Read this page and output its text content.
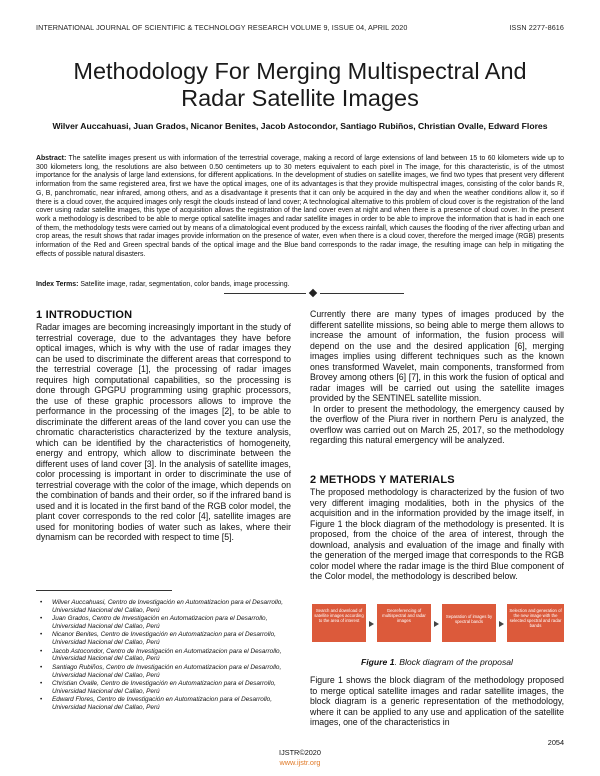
INTERNATIONAL JOURNAL OF SCIENTIFIC & TECHNOLOGY RESEARCH VOLUME 9, ISSUE 04, APRIL 2020	ISSN 2277-8616
Methodology For Merging Multispectral And
Radar Satellite Images
Wilver Auccahuasi, Juan Grados, Nicanor Benites, Jacob Astocondor, Santiago Rubiños, Christian Ovalle, Edward Flores
Abstract: The satellite images present us with information of the terrestrial coverage, making a record of large extensions of land between 15 to 60 kilometers wide up to 300 kilometers long, the resolutions are also between 0.50 centimeters up to 30 meters equivalent to each pixel in The image, for this characteristic, is of the utmost importance for the analysis of large land extensions, for different applications. In the development of studies on satellite images, we find two types that present very different information from the same registered area, first we have the optical images, one of its advantages is that they provide multispectral images, consisting of the color bands R, G, B, panchromatic, near infrared, among others, and as a disadvantage it presents that it can only be acquired in the day and when the weather conditions allow it, so if there is a cloud cover, the acquired images only resgit the clouds instead of land cover; A technological alternative to this problem of cloud cover is the registration of the land cover using radar satellite images, this type of acquisition allows the registration of the land cover even at night and when there is a presence of cloud cover. In the present work a methodology is described to be able to merge optical satellite images and radar satellite images in order to be able to improve the information that is had in each one of them, the methodology tests were carried out by means of a climatological event produced by the excess rainfall, which causes the flooding of the river affecting urban and crop areas, the result shows that radar images provide information on the presence of water, even when there is a cloud cover, therefore the merged image (RGB) presents information of the Red and Green spectral bands of the optical image and the Blue band corresponds to the radar image, the resulting image can help in mitigating the effects of possible natural disasters.
Index Terms: Satellite image, radar, segmentation, color bands, image processing.
1 INTRODUCTION

Radar images are becoming increasingly important in the study of terrestrial coverage, due to the advantages they have before optical images, which is why with the use of radar images they can be used to discriminate the different areas that correspond to the terrestrial coverage [1], the processing of radar images requires high computational capabilities, so the processing is done through GPGPU programming using graphic processors, the use of these graphic processors allows to improve the performance in the processing of the images [2], to be able to discriminate the different areas of the land cover you can use the chromatic characteristics characterized by the texture analysis, which can be identified by the characteristics of homogeneity, energy and entropy, which allow to discriminate between the different uses of land cover [3]. In the analysis of satellite images, color processing is important in order to discriminate the use of terrestrial coverage with the color of the image, which depends on the combination of bands and their order, so if the infrared band is used and it is located in the first band of the RGB color model, the plant cover corresponds to the red color [4], satellite images are used for monitoring bodies of water such as lakes, where their dynamism can be recorded with respect to time [5].

• Wilver Auccahuasi, Centro de Investigación en Automatizacion para el Desarrollo, Universidad Nacional del Callao, Perú
• Juan Grados, Centro de Investigación en Automatizacion para el Desarrollo, Universidad Nacional del Callao, Perú
• Nicanor Benites, Centro de Investigación en Automatizacion para el Desarrollo, Universidad Nacional del Callao, Perú
• Jacob Astocondor, Centro de Investigación en Automatizacion para el Desarrollo, Universidad Nacional del Callao, Perú
• Santiago Rubiños, Centro de Investigación en Automatizacion para el Desarrollo, Universidad Nacional del Callao, Perú
• Christian Ovalle, Centro de Investigación en Automatizacion para el Desarrollo, Universidad Nacional del Callao, Perú
• Edward Flores, Centro de Investigación en Automatizacion para el Desarrollo, Universidad Nacional del Callao, Perú

Currently there are many types of images produced by the different satellite missions, so being able to merge them allows to increase the amount of information, the fusion process will depend on the use and the desired application [6], merging images implies using different techniques such as the known ones transformed Wavelet, main components, transformed from Brovey among others [6] [7], in this work the fusion of optical and radar images will be carried out using the satellite images provided by the SENTINEL satellite mission.

In order to present the methodology, the emergency caused by the overflow of the Piura river in northern Peru is analyzed, the overflow was carried out on March 25, 2017, so the methodology regarding this natural emergency will be analyzed.

2 METHODS Y MATERIALS

The proposed methodology is characterized by the fusion of two very different imaging modalities, both in the physics of the acquisition and in the information provided by the image itself, in Figure 1 the block diagram of the methodology is presented. It is proposed, from the choice of the area of interest, through the download, analysis and evaluation of the image and finally with the generation of the merged image that corresponds to the RGB color model where the radar image is the third Blue component of the Color model, the methodology is described below.

Search and download of satellite images according to the area of interest
Georeferencing of multispectral and radar images
Separation of images by spectral bands
Selection and generation of the new image with the selected spectral and radar bands
Figure 1. Block diagram of the proposal

Figure 1 shows the block diagram of the methodology proposed to merge optical satellite images and radar satellite images, the block diagram is a generic representation of the methodology, where it can be applied to any use and application of the satellite images, one of the characteristics in

2054
IJSTR©2020
www.ijstr.org
